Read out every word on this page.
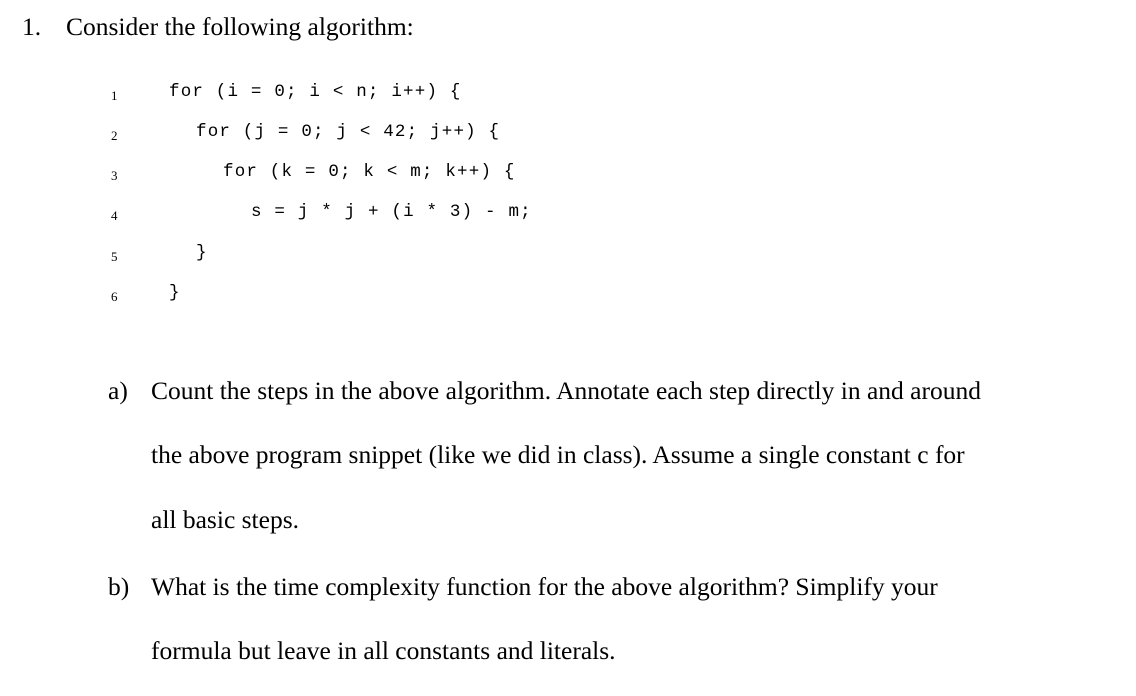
1. Consider the following algorithm:

1

	for (i = 0; i < n; i++) {

2

	for (j = 0; j < 42; j++) {

3

	for (k = 0; k < m; k++) {

4

	s = j * j + (i * 3) - m;

5

	}

6

	}

a) Count the steps in the above algorithm. Annotate each step directly in and around
the above program snippet (like we did in class). Assume a single constant c for
all basic steps.
b) What is the time complexity function for the above algorithm? Simplify your
formula but leave in all constants and literals.
